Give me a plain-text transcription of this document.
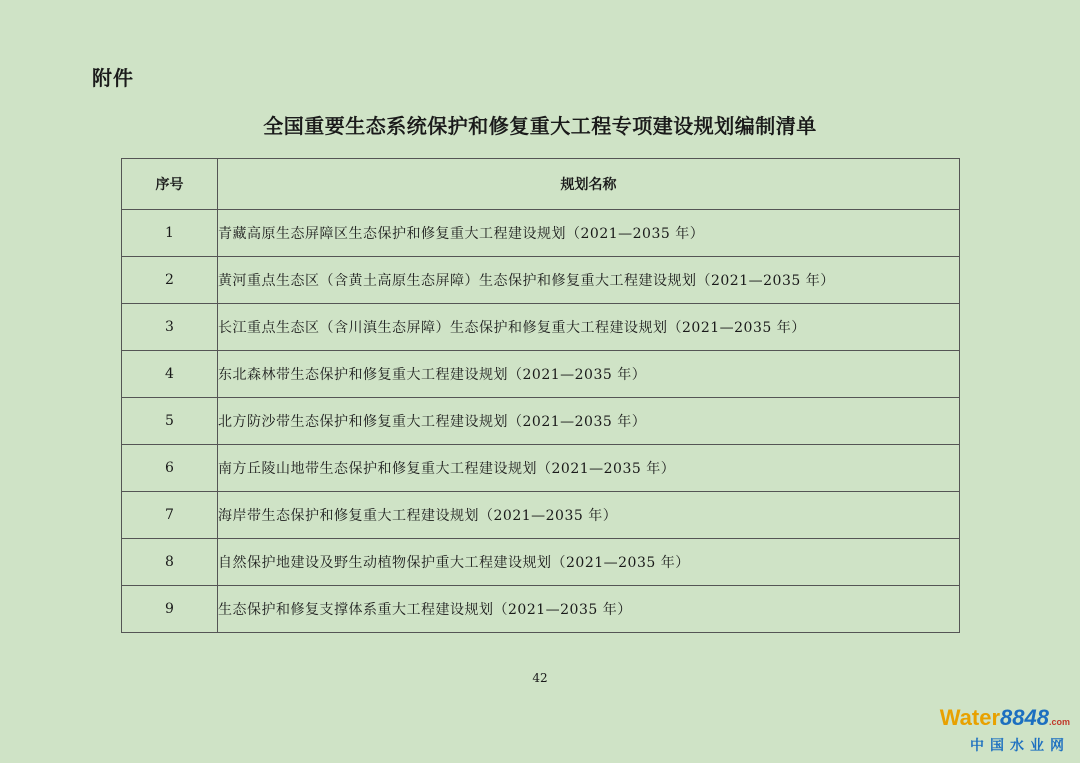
附件
全国重要生态系统保护和修复重大工程专项建设规划编制清单
序号	规划名称
1	青藏高原生态屏障区生态保护和修复重大工程建设规划（2021—2035 年）
2	黄河重点生态区（含黄土高原生态屏障）生态保护和修复重大工程建设规划（2021—2035 年）
3	长江重点生态区（含川滇生态屏障）生态保护和修复重大工程建设规划（2021—2035 年）
4	东北森林带生态保护和修复重大工程建设规划（2021—2035 年）
5	北方防沙带生态保护和修复重大工程建设规划（2021—2035 年）
6	南方丘陵山地带生态保护和修复重大工程建设规划（2021—2035 年）
7	海岸带生态保护和修复重大工程建设规划（2021—2035 年）
8	自然保护地建设及野生动植物保护重大工程建设规划（2021—2035 年）
9	生态保护和修复支撑体系重大工程建设规划（2021—2035 年）
42
Water8848.com
中国水业网
